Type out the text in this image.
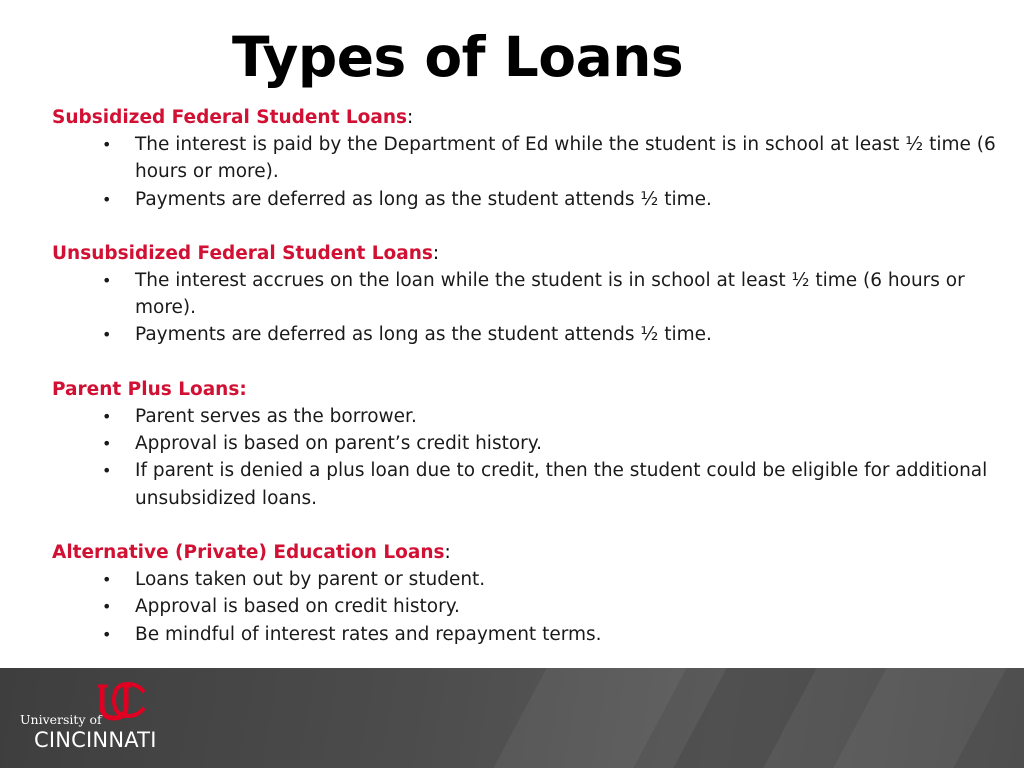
Types of Loans
Subsidized Federal Student Loans:
• The interest is paid by the Department of Ed while the student is in school at least ½ time (6 hours or more).
• Payments are deferred as long as the student attends ½ time.
Unsubsidized Federal Student Loans:
• The interest accrues on the loan while the student is in school at least ½ time (6 hours or more).
• Payments are deferred as long as the student attends ½ time.
Parent Plus Loans:
• Parent serves as the borrower.
• Approval is based on parent’s credit history.
• If parent is denied a plus loan due to credit, then the student could be eligible for additional unsubsidized loans.
Alternative (Private) Education Loans:
• Loans taken out by parent or student.
• Approval is based on credit history.
• Be mindful of interest rates and repayment terms.
University of
CINCINNATI
